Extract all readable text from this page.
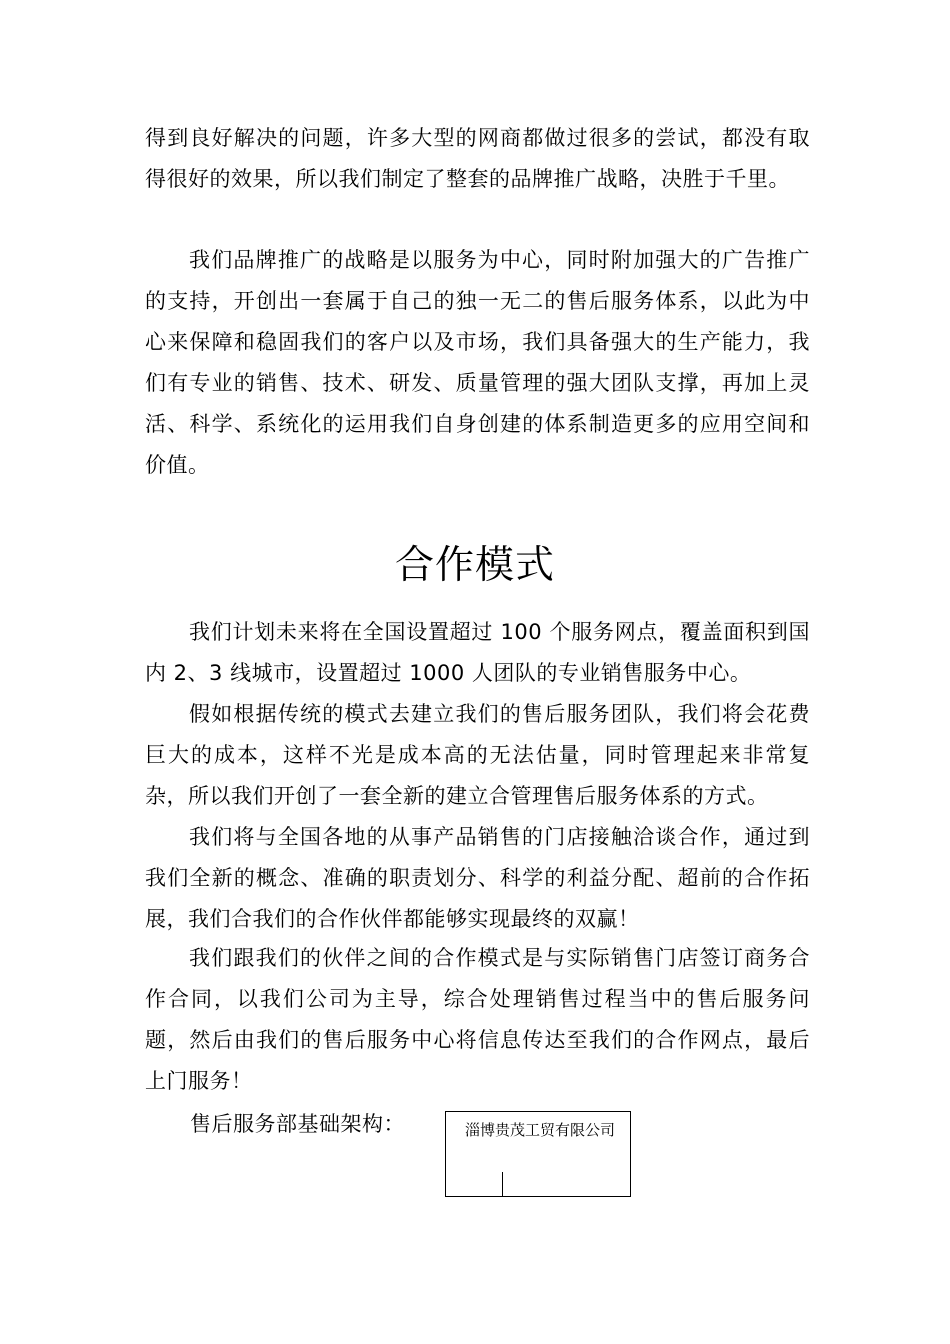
得到良好解决的问题，许多大型的网商都做过很多的尝试，都没有取得很好的效果，所以我们制定了整套的品牌推广战略，决胜于千里。

我们品牌推广的战略是以服务为中心，同时附加强大的广告推广的支持，开创出一套属于自己的独一无二的售后服务体系，以此为中心来保障和稳固我们的客户以及市场，我们具备强大的生产能力，我们有专业的销售、技术、研发、质量管理的强大团队支撑，再加上灵活、科学、系统化的运用我们自身创建的体系制造更多的应用空间和价值。

合作模式

我们计划未来将在全国设置超过 100 个服务网点，覆盖面积到国内 2、3 线城市，设置超过 1000 人团队的专业销售服务中心。

假如根据传统的模式去建立我们的售后服务团队，我们将会花费巨大的成本，这样不光是成本高的无法估量，同时管理起来非常复杂，所以我们开创了一套全新的建立合管理售后服务体系的方式。

我们将与全国各地的从事产品销售的门店接触洽谈合作，通过到我们全新的概念、准确的职责划分、科学的利益分配、超前的合作拓展，我们合我们的合作伙伴都能够实现最终的双赢！

我们跟我们的伙伴之间的合作模式是与实际销售门店签订商务合作合同，以我们公司为主导，综合处理销售过程当中的售后服务问题，然后由我们的售后服务中心将信息传达至我们的合作网点，最后上门服务！

售后服务部基础架构：	淄博贵茂工贸有限公司
